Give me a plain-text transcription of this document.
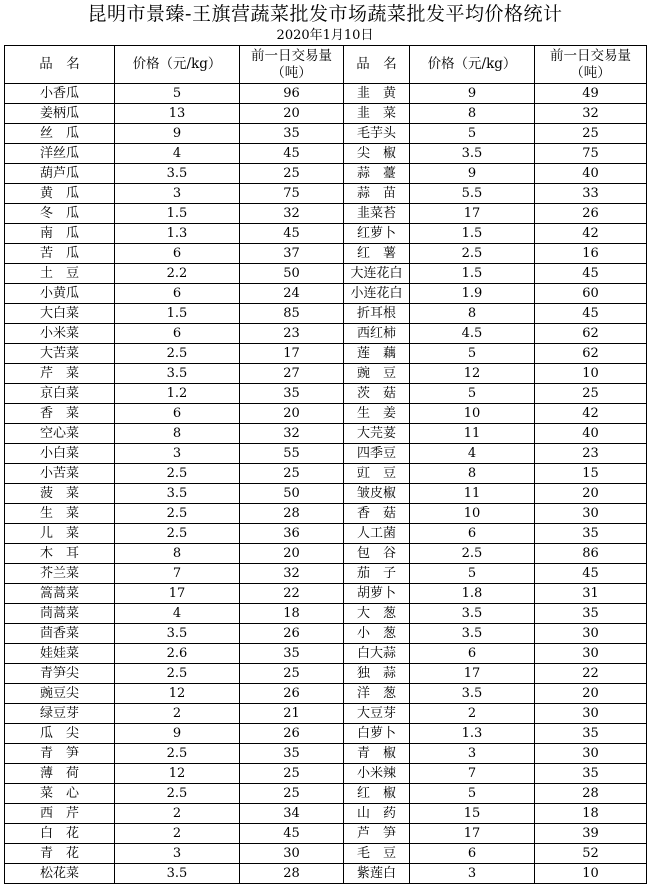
昆明市景臻-王旗营蔬菜批发市场蔬菜批发平均价格统计
2020年1月10日
品　名	价格（元/kg）	前一日交易量（吨）	品　名	价格（元/kg）	前一日交易量（吨）
小香瓜	5	96	韭　黄	9	49
姜柄瓜	13	20	韭　菜	8	32
丝　瓜	9	35	毛芋头	5	25
洋丝瓜	4	45	尖　椒	3.5	75
葫芦瓜	3.5	25	蒜　薹	9	40
黄　瓜	3	75	蒜　苗	5.5	33
冬　瓜	1.5	32	韭菜苔	17	26
南　瓜	1.3	45	红萝卜	1.5	42
苦　瓜	6	37	红　薯	2.5	16
土　豆	2.2	50	大连花白	1.5	45
小黄瓜	6	24	小连花白	1.9	60
大白菜	1.5	85	折耳根	8	45
小米菜	6	23	西红柿	4.5	62
大苦菜	2.5	17	莲　藕	5	62
芹　菜	3.5	27	豌　豆	12	10
京白菜	1.2	35	茨　菇	5	25
香　菜	6	20	生　姜	10	42
空心菜	8	32	大芫荽	11	40
小白菜	3	55	四季豆	4	23
小苦菜	2.5	25	豇　豆	8	15
菠　菜	3.5	50	皱皮椒	11	20
生　菜	2.5	28	香　菇	10	30
儿　菜	2.5	36	人工菌	6	35
木　耳	8	20	包　谷	2.5	86
芥兰菜	7	32	茄　子	5	45
篙蒿菜	17	22	胡萝卜	1.8	31
茼蒿菜	4	18	大　葱	3.5	35
茴香菜	3.5	26	小　葱	3.5	30
娃娃菜	2.6	35	白大蒜	6	30
青笋尖	2.5	25	独　蒜	17	22
豌豆尖	12	26	洋　葱	3.5	20
绿豆芽	2	21	大豆芽	2	30
瓜　尖	9	26	白萝卜	1.3	35
青　笋	2.5	35	青　椒	3	30
薄　荷	12	25	小米辣	7	35
菜　心	2.5	25	红　椒	5	28
西　芹	2	34	山　药	15	18
白　花	2	45	芦　笋	17	39
青　花	3	30	毛　豆	6	52
松花菜	3.5	28	紫莲白	3	10
